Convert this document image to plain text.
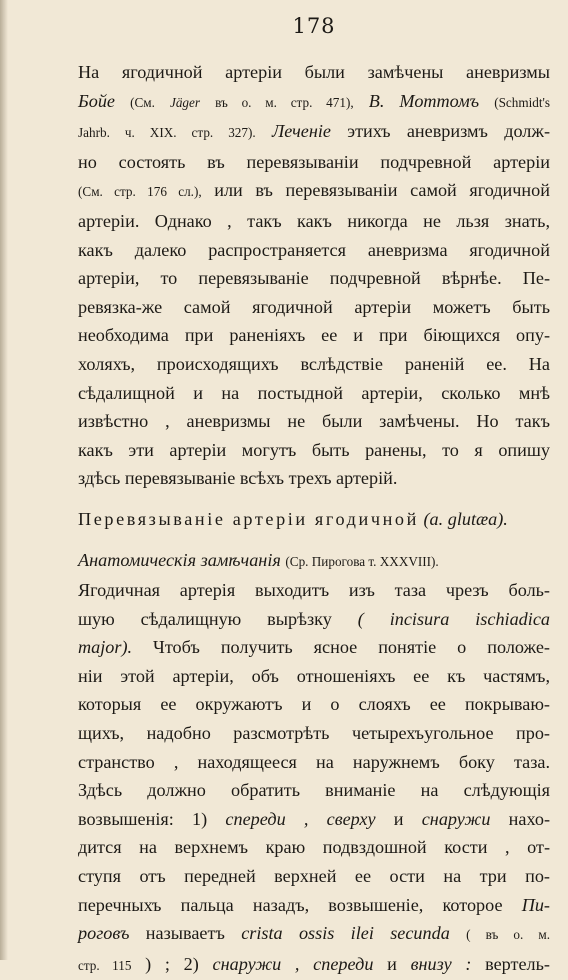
178
На ягодичной артеріи были замѣчены аневризмы
Бойе (См. Jäger въ о. м. стр. 471), В. Моттомъ (Schmidt's
Jahrb. ч. XIX. стр. 327). Леченіе этихъ аневризмъ долж-
но состоять въ перевязываніи подчревной артеріи
(См. стр. 176 сл.), или въ перевязываніи самой ягодичной
артеріи. Однако , такъ какъ никогда не льзя знать,
какъ далеко распространяется аневризма ягодичной
артеріи, то перевязываніе подчревной вѣрнѣе. Пе-
ревязка-же самой ягодичной артеріи можетъ быть
необходима при раненіяхъ ее и при біющихся опу-
холяхъ, происходящихъ вслѣдствіе раненій ее. На
сѣдалищной и на постыдной артеріи, сколько мнѣ
извѣстно , аневризмы не были замѣчены. Но такъ
какъ эти артеріи могутъ быть ранены, то я опишу
здѣсь перевязываніе всѣхъ трехъ артерій.
Перевязываніе артеріи ягодичной (a. glutæa).
Анатомическія замѣчанія (Ср. Пирогова т. XXXVIII).
Ягодичная артерія выходитъ изъ таза чрезъ боль-
шую сѣдалищную вырѣзку ( incisura ischiadica
major). Чтобъ получить ясное понятіе о положе-
ніи этой артеріи, объ отношеніяхъ ее къ частямъ,
которыя ее окружаютъ и о слояхъ ее покрываю-
щихъ, надобно разсмотрѣть четырехъугольное про-
странство , находящееся на наружнемъ боку таза.
Здѣсь должно обратить вниманіе на слѣдующія
возвышенія: 1) спереди , сверху и снаружи нахо-
дится на верхнемъ краю подвздошной кости , от-
ступя отъ передней верхней ее ости на три по-
перечныхъ пальца назадъ, возвышеніе, которое Пи-
роговъ называетъ crista ossis ilei secunda ( въ о. м.
стр. 115 ) ; 2) снаружи , спереди и внизу : вертель-
